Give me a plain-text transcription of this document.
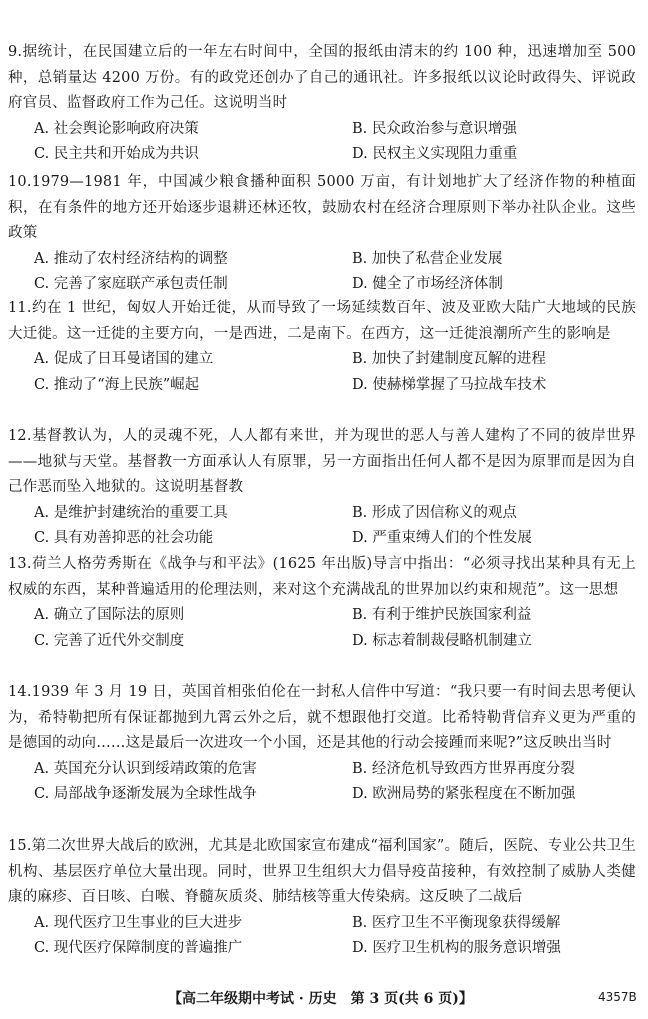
9.据统计，在民国建立后的一年左右时间中，全国的报纸由清末的约 100 种，迅速增加至 500 种，总销量达 4200 万份。有的政党还创办了自己的通讯社。许多报纸以议论时政得失、评说政府官员、监督政府工作为己任。这说明当时
A. 社会舆论影响政府决策	B. 民众政治参与意识增强
C. 民主共和开始成为共识	D. 民权主义实现阻力重重
10.1979—1981 年，中国减少粮食播种面积 5000 万亩，有计划地扩大了经济作物的种植面积，在有条件的地方还开始逐步退耕还林还牧，鼓励农村在经济合理原则下举办社队企业。这些政策
A. 推动了农村经济结构的调整	B. 加快了私营企业发展
C. 完善了家庭联产承包责任制	D. 健全了市场经济体制
11.约在 1 世纪，匈奴人开始迁徙，从而导致了一场延续数百年、波及亚欧大陆广大地域的民族大迁徙。这一迁徙的主要方向，一是西进，二是南下。在西方，这一迁徙浪潮所产生的影响是
A. 促成了日耳曼诸国的建立	B. 加快了封建制度瓦解的进程
C. 推动了“海上民族”崛起	D. 使赫梯掌握了马拉战车技术
12.基督教认为，人的灵魂不死，人人都有来世，并为现世的恶人与善人建构了不同的彼岸世界——地狱与天堂。基督教一方面承认人有原罪，另一方面指出任何人都不是因为原罪而是因为自己作恶而坠入地狱的。这说明基督教
A. 是维护封建统治的重要工具	B. 形成了因信称义的观点
C. 具有劝善抑恶的社会功能	D. 严重束缚人们的个性发展
13.荷兰人格劳秀斯在《战争与和平法》(1625 年出版)导言中指出：“必须寻找出某种具有无上权威的东西，某种普遍适用的伦理法则，来对这个充满战乱的世界加以约束和规范”。这一思想
A. 确立了国际法的原则	B. 有利于维护民族国家利益
C. 完善了近代外交制度	D. 标志着制裁侵略机制建立
14.1939 年 3 月 19 日，英国首相张伯伦在一封私人信件中写道：“我只要一有时间去思考便认为，希特勒把所有保证都抛到九霄云外之后，就不想跟他打交道。比希特勒背信弃义更为严重的是德国的动向……这是最后一次进攻一个小国，还是其他的行动会接踵而来呢?”这反映出当时
A. 英国充分认识到绥靖政策的危害	B. 经济危机导致西方世界再度分裂
C. 局部战争逐渐发展为全球性战争	D. 欧洲局势的紧张程度在不断加强
15.第二次世界大战后的欧洲，尤其是北欧国家宣布建成“福利国家”。随后，医院、专业公共卫生机构、基层医疗单位大量出现。同时，世界卫生组织大力倡导疫苗接种，有效控制了威胁人类健康的麻疹、百日咳、白喉、脊髓灰质炎、肺结核等重大传染病。这反映了二战后
A. 现代医疗卫生事业的巨大进步	B. 医疗卫生不平衡现象获得缓解
C. 现代医疗保障制度的普遍推广	D. 医疗卫生机构的服务意识增强
【高二年级期中考试 · 历史　第 3 页(共 6 页)】	4357B
